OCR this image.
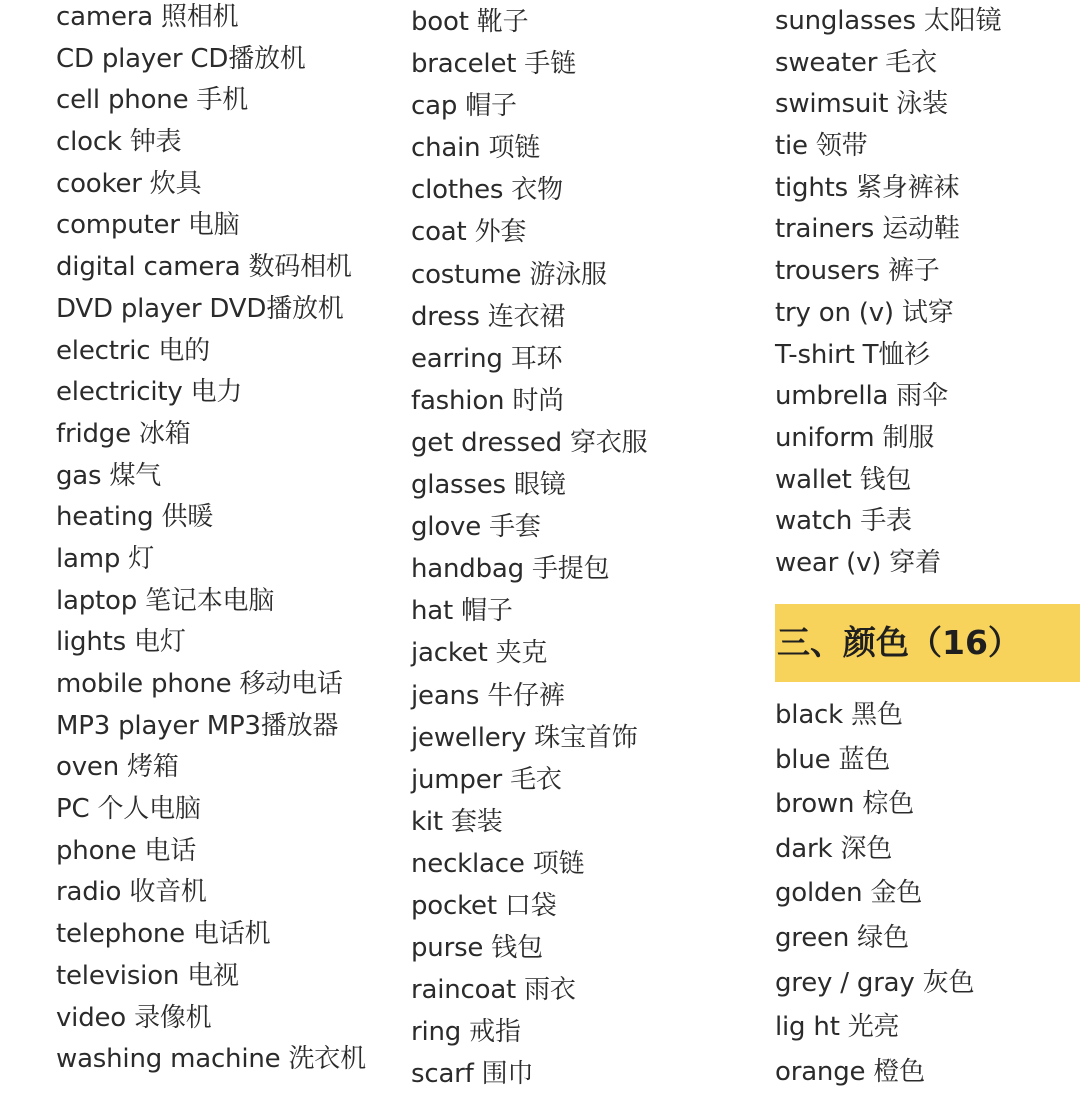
camera 照相机
CD player CD播放机
cell phone 手机
clock 钟表
cooker 炊具
computer 电脑
digital camera 数码相机
DVD player DVD播放机
electric 电的
electricity 电力
fridge 冰箱
gas 煤气
heating 供暖
lamp 灯
laptop 笔记本电脑
lights 电灯
mobile phone 移动电话
MP3 player MP3播放器
oven 烤箱
PC 个人电脑
phone 电话
radio 收音机
telephone 电话机
television 电视
video 录像机
washing machine 洗衣机
boot 靴子
bracelet 手链
cap 帽子
chain 项链
clothes 衣物
coat 外套
costume 游泳服
dress 连衣裙
earring 耳环
fashion 时尚
get dressed 穿衣服
glasses 眼镜
glove 手套
handbag 手提包
hat 帽子
jacket 夹克
jeans 牛仔裤
jewellery 珠宝首饰
jumper 毛衣
kit 套装
necklace 项链
pocket 口袋
purse 钱包
raincoat 雨衣
ring 戒指
scarf 围巾
sunglasses 太阳镜
sweater 毛衣
swimsuit 泳装
tie 领带
tights 紧身裤袜
trainers 运动鞋
trousers 裤子
try on (v) 试穿
T-shirt T恤衫
umbrella 雨伞
uniform 制服
wallet 钱包
watch 手表
wear (v) 穿着
三、颜色（16）
black 黑色
blue 蓝色
brown 棕色
dark 深色
golden 金色
green 绿色
grey / gray 灰色
lig ht 光亮
orange 橙色
